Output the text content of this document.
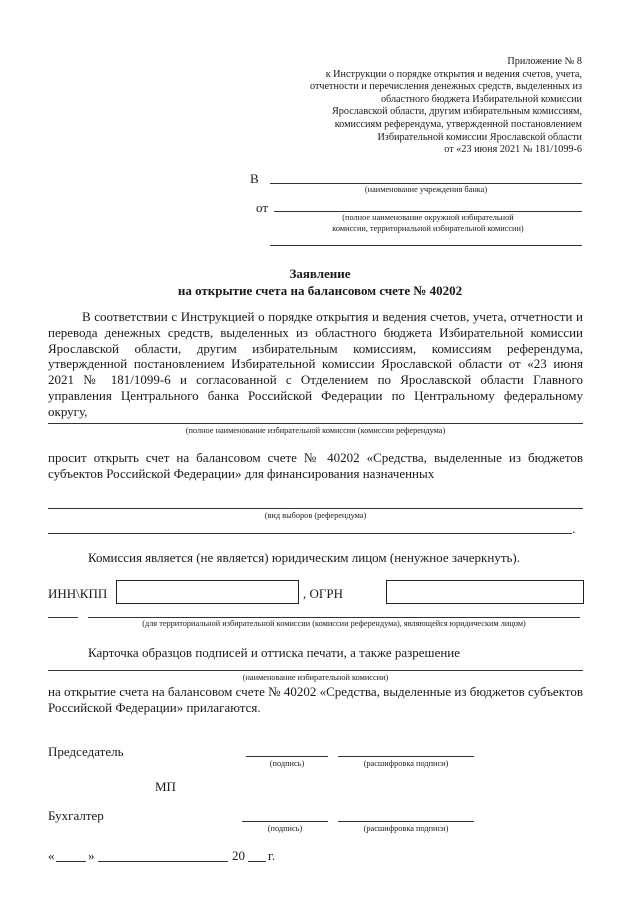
Приложение № 8
к Инструкции о порядке открытия и ведения счетов, учета,
отчетности и перечисления денежных средств, выделенных из
областного бюджета Избирательной комиссии
Ярославской области, другим избирательным комиссиям,
комиссиям референдума, утвержденной постановлением
Избирательной комиссии Ярославской области
от «23 июня 2021 № 181/1099-6
В
(наименование учреждения банка)
от
(полное наименование окружной избирательной
комиссии, территориальной избирательной комиссии)
Заявление
на открытие счета на балансовом счете № 40202
В соответствии с Инструкцией о порядке открытия и ведения счетов, учета, отчетности и перевода денежных средств, выделенных из областного бюджета Избирательной комиссии Ярославской области, другим избирательным комиссиям, комиссиям референдума, утвержденной постановлением Избирательной комиссии Ярославской области от «23 июня 2021 № 181/1099-6 и согласованной с Отделением по Ярославской области Главного управления Центрального банка Российской Федерации по Центральному федеральному округу,
(полное наименование избирательной комиссии (комиссии референдума)
просит открыть счет на балансовом счете № 40202 «Средства, выделенные из бюджетов субъектов Российской Федерации» для финансирования назначенных
(вид выборов (референдума)
.
Комиссия является (не является) юридическим лицом (ненужное зачеркнуть).
ИНН\КПП	, ОГРН
(для территориальной избирательной комиссии (комиссии референдума), являющейся юридическим лицом)
Карточка образцов подписей и оттиска печати, а также разрешение
(наименование избирательной комиссии)
на открытие счета на балансовом счете № 40202 «Средства, выделенные из бюджетов субъектов Российской Федерации» прилагаются.
Председатель
(подпись)	(расшифровка подписи)
МП
Бухгалтер
(подпись)	(расшифровка подписи)
«	»	20 г.
